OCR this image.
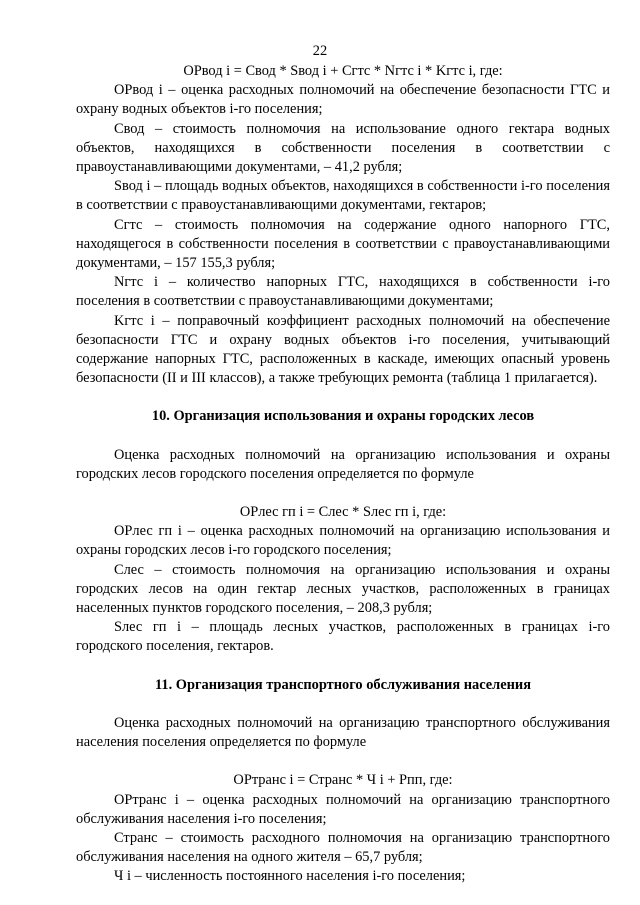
22

ОРвод i = Свод * Sвод i + Сгтс * Nгтс i * Kгтс i, где:

ОРвод i – оценка расходных полномочий на обеспечение безопасности ГТС и охрану водных объектов i-го поселения;

Свод – стоимость полномочия на использование одного гектара водных объектов, находящихся в собственности поселения в соответствии с правоустанавливающими документами, – 41,2 рубля;

Sвод i – площадь водных объектов, находящихся в собственности i-го поселения в соответствии с правоустанавливающими документами, гектаров;

Сгтс – стоимость полномочия на содержание одного напорного ГТС, находящегося в собственности поселения в соответствии с правоустанавливающими документами, – 157 155,3 рубля;

Nгтс i – количество напорных ГТС, находящихся в собственности i-го поселения в соответствии с правоустанавливающими документами;

Kгтс i – поправочный коэффициент расходных полномочий на обеспечение безопасности ГТС и охрану водных объектов i-го поселения, учитывающий содержание напорных ГТС, расположенных в каскаде, имеющих опасный уровень безопасности (II и III классов), а также требующих ремонта (таблица 1 прилагается).

10. Организация использования и охраны городских лесов

Оценка расходных полномочий на организацию использования и охраны городских лесов городского поселения определяется по формуле

ОРлес гп i = Слес * Sлес гп i, где:

ОРлес гп i – оценка расходных полномочий на организацию использования и охраны городских лесов i-го городского поселения;

Слес – стоимость полномочия на организацию использования и охраны городских лесов на один гектар лесных участков, расположенных в границах населенных пунктов городского поселения, – 208,3 рубля;

Sлес гп i – площадь лесных участков, расположенных в границах i-го городского поселения, гектаров.

11. Организация транспортного обслуживания населения

Оценка расходных полномочий на организацию транспортного обслуживания населения поселения определяется по формуле

ОРтранс i = Странс * Ч i + Рпп, где:

ОРтранс i – оценка расходных полномочий на организацию транспортного обслуживания населения i-го поселения;

Странс – стоимость расходного полномочия на организацию транспортного обслуживания населения на одного жителя – 65,7 рубля;

Ч i – численность постоянного населения i-го поселения;
